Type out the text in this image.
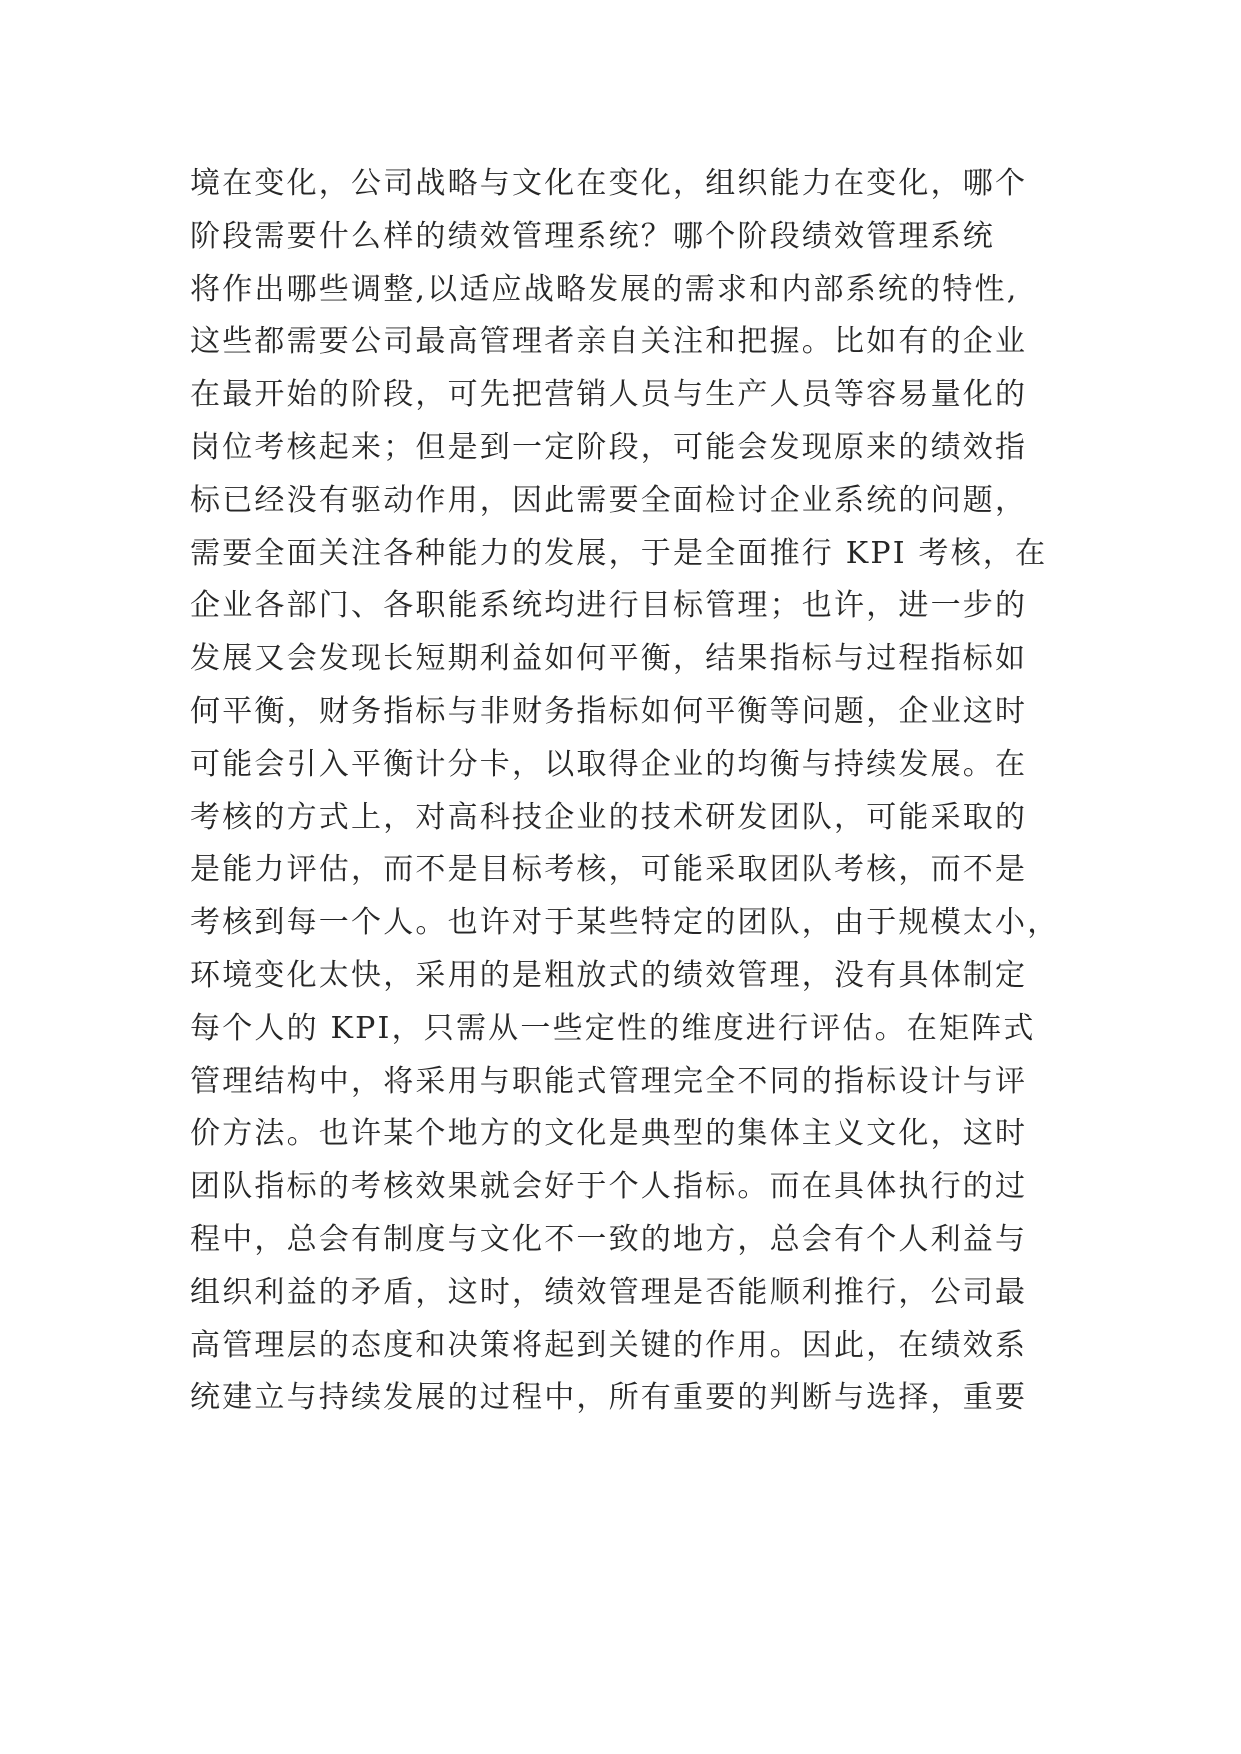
境在变化，公司战略与文化在变化，组织能力在变化，哪个
阶段需要什么样的绩效管理系统？哪个阶段绩效管理系统
将作出哪些调整,以适应战略发展的需求和内部系统的特性,
这些都需要公司最高管理者亲自关注和把握。比如有的企业
在最开始的阶段，可先把营销人员与生产人员等容易量化的
岗位考核起来；但是到一定阶段，可能会发现原来的绩效指
标已经没有驱动作用，因此需要全面检讨企业系统的问题，
需要全面关注各种能力的发展，于是全面推行 KPI 考核，在
企业各部门、各职能系统均进行目标管理；也许，进一步的
发展又会发现长短期利益如何平衡，结果指标与过程指标如
何平衡，财务指标与非财务指标如何平衡等问题，企业这时
可能会引入平衡计分卡，以取得企业的均衡与持续发展。在
考核的方式上，对高科技企业的技术研发团队，可能采取的
是能力评估，而不是目标考核，可能采取团队考核，而不是
考核到每一个人。也许对于某些特定的团队，由于规模太小，
环境变化太快，采用的是粗放式的绩效管理，没有具体制定
每个人的 KPI，只需从一些定性的维度进行评估。在矩阵式
管理结构中，将采用与职能式管理完全不同的指标设计与评
价方法。也许某个地方的文化是典型的集体主义文化，这时
团队指标的考核效果就会好于个人指标。而在具体执行的过
程中，总会有制度与文化不一致的地方，总会有个人利益与
组织利益的矛盾，这时，绩效管理是否能顺利推行，公司最
高管理层的态度和决策将起到关键的作用。因此，在绩效系
统建立与持续发展的过程中，所有重要的判断与选择，重要
